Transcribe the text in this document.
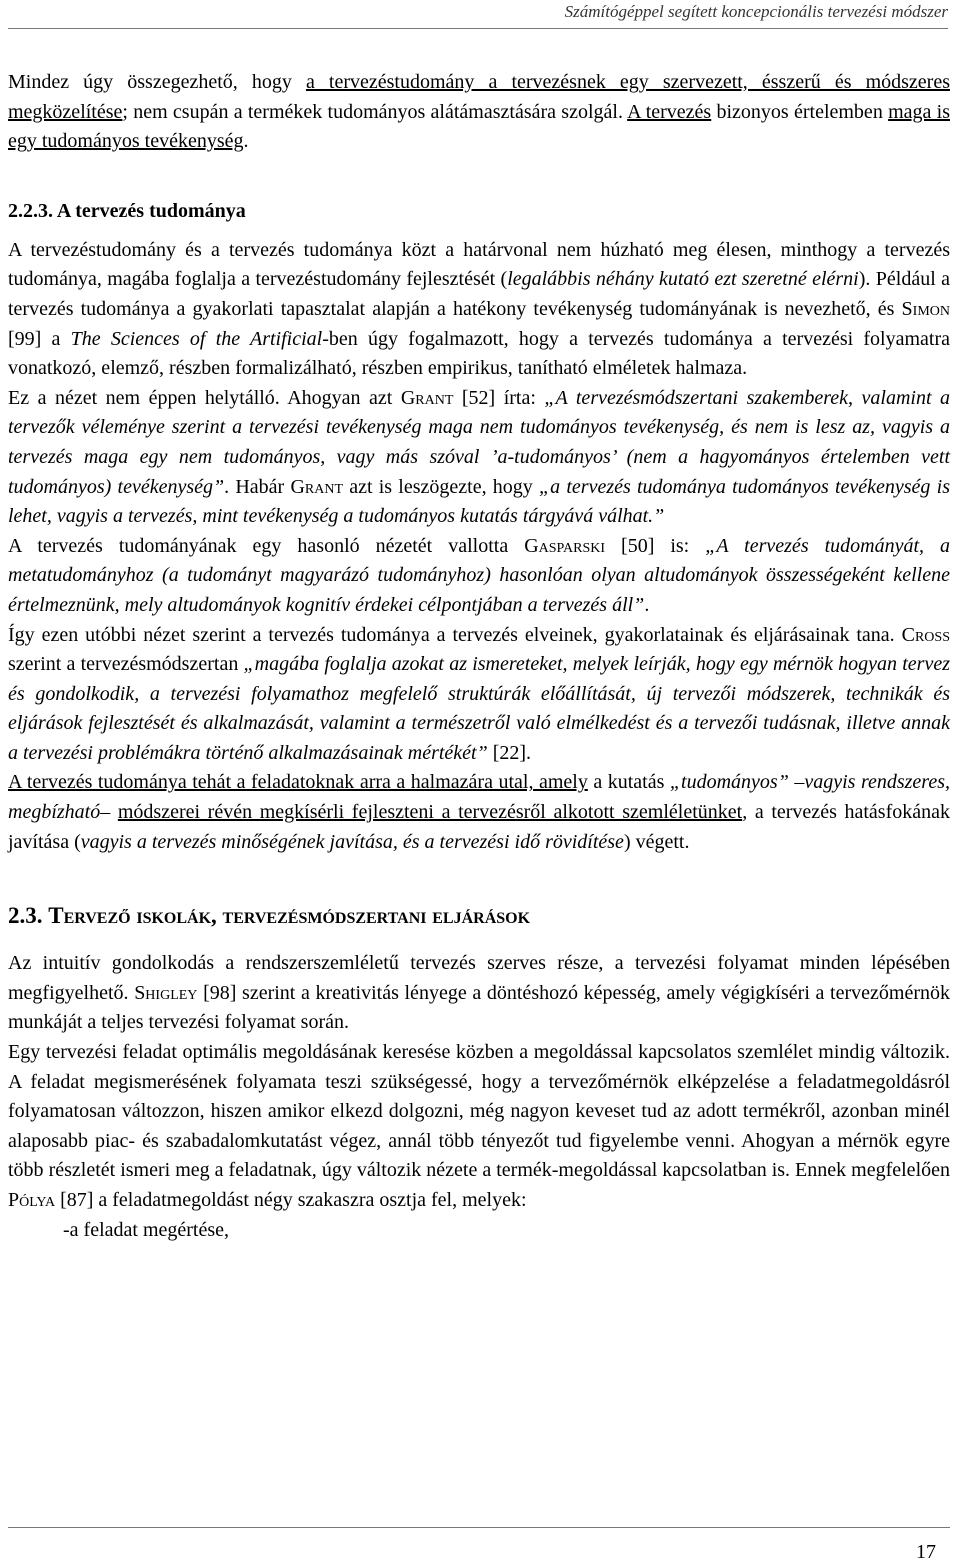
Számítógéppel segített koncepcionális tervezési módszer

Mindez úgy összegezhető, hogy a tervezéstudomány a tervezésnek egy szervezett, ésszerű és módszeres megközelítése; nem csupán a termékek tudományos alátámasztására szolgál. A tervezés bizonyos értelemben maga is egy tudományos tevékenység.

2.2.3. A tervezés tudománya

A tervezéstudomány és a tervezés tudománya közt a határvonal nem húzható meg élesen, minthogy a tervezés tudománya, magába foglalja a tervezéstudomány fejlesztését (legalábbis néhány kutató ezt szeretné elérni). Például a tervezés tudománya a gyakorlati tapasztalat alapján a hatékony tevékenység tudományának is nevezhető, és Simon [99] a The Sciences of the Artificial-ben úgy fogalmazott, hogy a tervezés tudománya a tervezési folyamatra vonatkozó, elemző, részben formalizálható, részben empirikus, tanítható elméletek halmaza.

Ez a nézet nem éppen helytálló. Ahogyan azt Grant [52] írta: „A tervezésmódszertani szakemberek, valamint a tervezők véleménye szerint a tervezési tevékenység maga nem tudományos tevékenység, és nem is lesz az, vagyis a tervezés maga egy nem tudományos, vagy más szóval ’a-tudományos’ (nem a hagyományos értelemben vett tudományos) tevékenység”. Habár Grant azt is leszögezte, hogy „a tervezés tudománya tudományos tevékenység is lehet, vagyis a tervezés, mint tevékenység a tudományos kutatás tárgyává válhat.”

A tervezés tudományának egy hasonló nézetét vallotta Gasparski [50] is: „A tervezés tudományát, a metatudományhoz (a tudományt magyarázó tudományhoz) hasonlóan olyan altudományok összességeként kellene értelmeznünk, mely altudományok kognitív érdekei célpontjában a tervezés áll”.

Így ezen utóbbi nézet szerint a tervezés tudománya a tervezés elveinek, gyakorlatainak és eljárásainak tana. Cross szerint a tervezésmódszertan „magába foglalja azokat az ismereteket, melyek leírják, hogy egy mérnök hogyan tervez és gondolkodik, a tervezési folyamathoz megfelelő struktúrák előállítását, új tervezői módszerek, technikák és eljárások fejlesztését és alkalmazását, valamint a természetről való elmélkedést és a tervezői tudásnak, illetve annak a tervezési problémákra történő alkalmazásainak mértékét” [22].

A tervezés tudománya tehát a feladatoknak arra a halmazára utal, amely a kutatás „tudományos” –vagyis rendszeres, megbízható– módszerei révén megkísérli fejleszteni a tervezésről alkotott szemléletünket, a tervezés hatásfokának javítása (vagyis a tervezés minőségének javítása, és a tervezési idő rövidítése) végett.

2.3. Tervező iskolák, tervezésmódszertani eljárások

Az intuitív gondolkodás a rendszerszemléletű tervezés szerves része, a tervezési folyamat minden lépésében megfigyelhető. Shigley [98] szerint a kreativitás lényege a döntéshozó képesség, amely végigkíséri a tervezőmérnök munkáját a teljes tervezési folyamat során.

Egy tervezési feladat optimális megoldásának keresése közben a megoldással kapcsolatos szemlélet mindig változik. A feladat megismerésének folyamata teszi szükségessé, hogy a tervezőmérnök elképzelése a feladatmegoldásról folyamatosan változzon, hiszen amikor elkezd dolgozni, még nagyon keveset tud az adott termékről, azonban minél alaposabb piac- és szabadalomkutatást végez, annál több tényezőt tud figyelembe venni. Ahogyan a mérnök egyre több részletét ismeri meg a feladatnak, úgy változik nézete a termék-megoldással kapcsolatban is. Ennek megfelelően Pólya [87] a feladatmegoldást négy szakaszra osztja fel, melyek:

-a feladat megértése,

17
